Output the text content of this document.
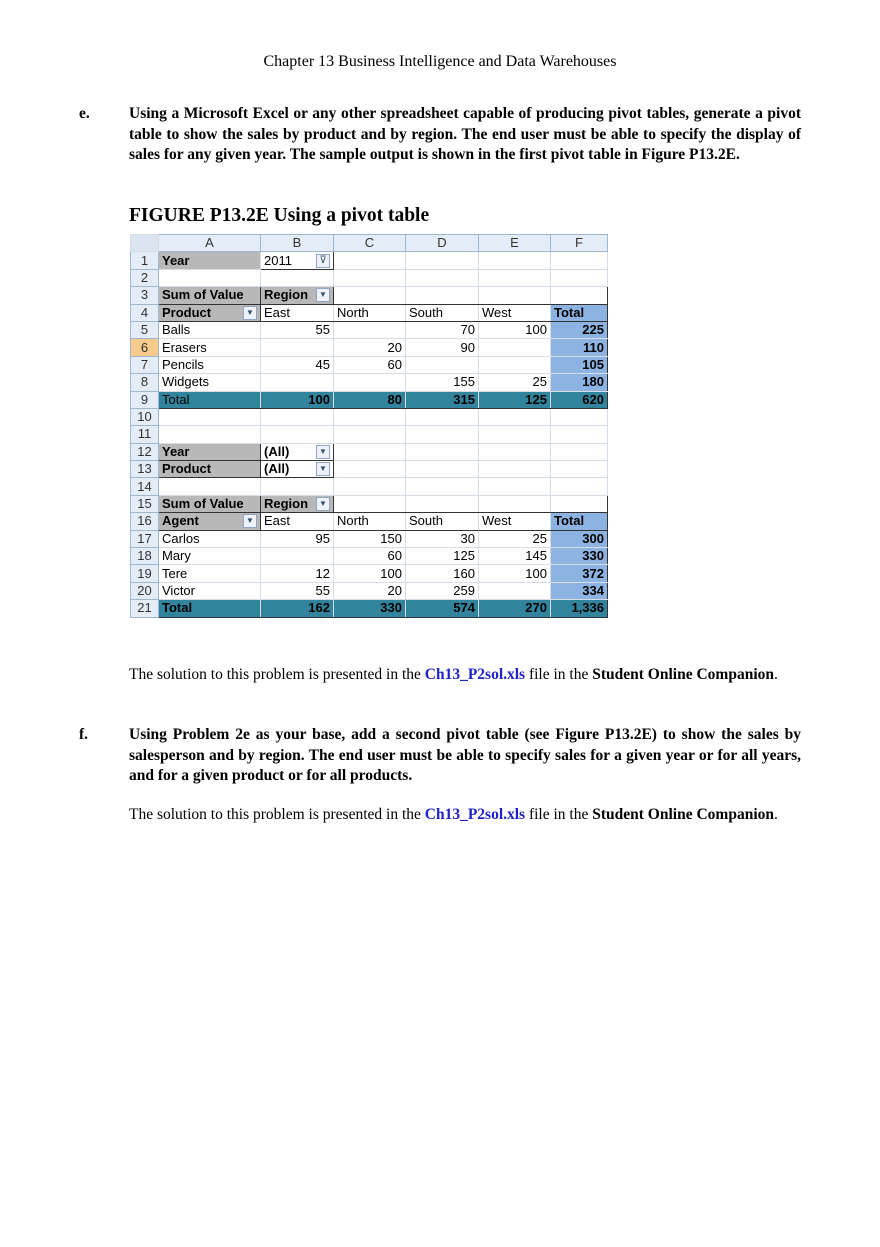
Chapter 13 Business Intelligence and Data Warehouses
e.	Using a Microsoft Excel or any other spreadsheet capable of producing pivot tables, generate a pivot table to show the sales by product and by region. The end user must be able to specify the display of sales for any given year. The sample output is shown in the first pivot table in Figure P13.2E.
FIGURE P13.2E Using a pivot table
	A	B	C	D	E	F
1	Year	2011 ⊽				

2						
3	Sum of Value	Region ▼				

4	Product ▼	East	North	South	West	Total
5	Balls	55		70	100	225
6	Erasers		20	90		110
7	Pencils	45	60			105
8	Widgets			155	25	180
9	Total	100	80	315	125	620
10						
11						
12	Year	(All) ▼				

13	Product	(All) ▼				

14						
15	Sum of Value	Region ▼				

16	Agent ▼	East	North	South	West	Total
17	Carlos	95	150	30	25	300
18	Mary		60	125	145	330
19	Tere	12	100	160	100	372
20	Victor	55	20	259		334
21	Total	162	330	574	270	1,336
The solution to this problem is presented in the Ch13_P2sol.xls file in the Student Online Companion.
f.	Using Problem 2e as your base, add a second pivot table (see Figure P13.2E) to show the sales by salesperson and by region. The end user must be able to specify sales for a given year or for all years, and for a given product or for all products.
The solution to this problem is presented in the Ch13_P2sol.xls file in the Student Online Companion.
